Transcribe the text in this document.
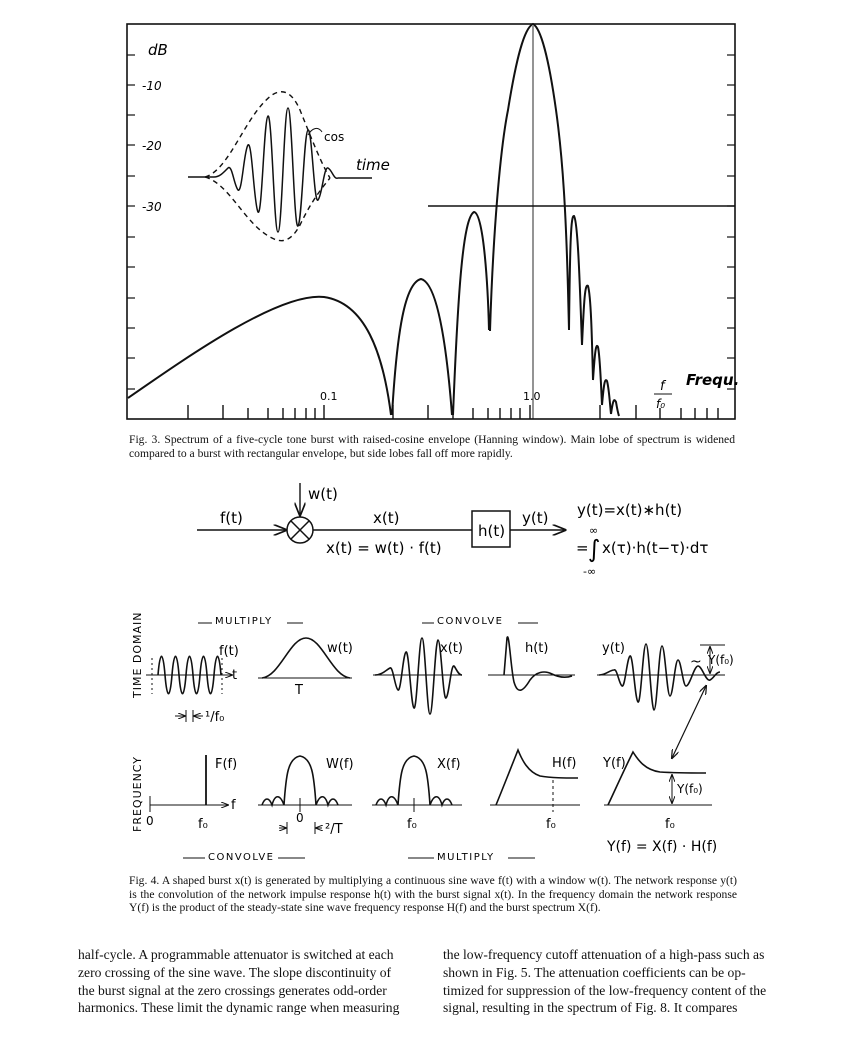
dB
-10
-20
-30
0.1	1.0
f
f₀
Frequ.
cos
time
Fig. 3. Spectrum of a five-cycle tone burst with raised-cosine envelope (Hanning window). Main lobe of spectrum is widened compared to a burst with rectangular envelope, but side lobes fall off more rapidly.
f(t)
w(t)
x(t)
x(t) = w(t) · f(t)
h(t)
y(t) y(t)=x(t)∗h(t)
∞
= ∫ x(τ)·h(t−τ)·dτ
-∞
TIME DOMAIN
FREQUENCY
MULTIPLY	CONVOLVE
f(t)
t
¹/f₀
w(t)
T
x(t)	h(t)	y(t)
~ Y(f₀)
F(f)
f
0	f₀
W(f)
0
²/T
X(f)
f₀
H(f)
f₀
Y(f)
Y(f₀)
f₀
Y(f) = X(f) · H(f)
CONVOLVE	MULTIPLY
Fig. 4. A shaped burst x(t) is generated by multiplying a continuous sine wave f(t) with a window w(t). The network response y(t) is the convolution of the network impulse response h(t) with the burst signal x(t). In the frequency domain the network response Y(f) is the product of the steady-state sine wave frequency response H(f) and the burst spectrum X(f).
half-cycle. A programmable attenuator is switched at each
zero crossing of the sine wave. The slope discontinuity of
the burst signal at the zero crossings generates odd-order
harmonics. These limit the dynamic range when measuring
the low-frequency cutoff attenuation of a high-pass such as
shown in Fig. 5. The attenuation coefficients can be op-
timized for suppression of the low-frequency content of the
signal, resulting in the spectrum of Fig. 8. It compares
